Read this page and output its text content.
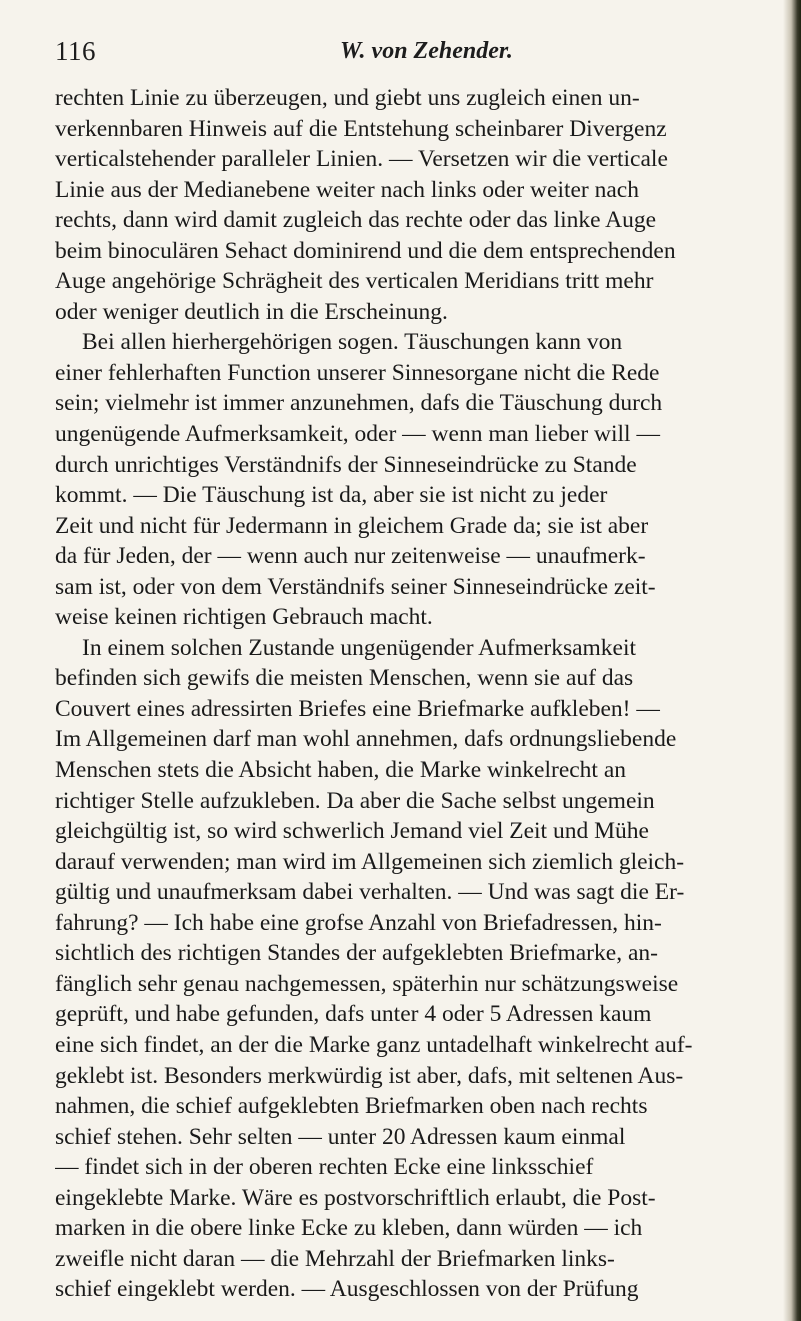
116	W. von Zehender.
rechten Linie zu überzeugen, und giebt uns zugleich einen un-
verkennbaren Hinweis auf die Entstehung scheinbarer Divergenz
verticalstehender paralleler Linien. — Versetzen wir die verticale
Linie aus der Medianebene weiter nach links oder weiter nach
rechts, dann wird damit zugleich das rechte oder das linke Auge
beim binoculären Sehact dominirend und die dem entsprechenden
Auge angehörige Schrägheit des verticalen Meridians tritt mehr
oder weniger deutlich in die Erscheinung.
Bei allen hierhergehörigen sogen. Täuschungen kann von
einer fehlerhaften Function unserer Sinnesorgane nicht die Rede
sein; vielmehr ist immer anzunehmen, dafs die Täuschung durch
ungenügende Aufmerksamkeit, oder — wenn man lieber will —
durch unrichtiges Verständnifs der Sinneseindrücke zu Stande
kommt. — Die Täuschung ist da, aber sie ist nicht zu jeder
Zeit und nicht für Jedermann in gleichem Grade da; sie ist aber
da für Jeden, der — wenn auch nur zeitenweise — unaufmerk-
sam ist, oder von dem Verständnifs seiner Sinneseindrücke zeit-
weise keinen richtigen Gebrauch macht.
In einem solchen Zustande ungenügender Aufmerksamkeit
befinden sich gewifs die meisten Menschen, wenn sie auf das
Couvert eines adressirten Briefes eine Briefmarke aufkleben! —
Im Allgemeinen darf man wohl annehmen, dafs ordnungsliebende
Menschen stets die Absicht haben, die Marke winkelrecht an
richtiger Stelle aufzukleben. Da aber die Sache selbst ungemein
gleichgültig ist, so wird schwerlich Jemand viel Zeit und Mühe
darauf verwenden; man wird im Allgemeinen sich ziemlich gleich-
gültig und unaufmerksam dabei verhalten. — Und was sagt die Er-
fahrung? — Ich habe eine grofse Anzahl von Briefadressen, hin-
sichtlich des richtigen Standes der aufgeklebten Briefmarke, an-
fänglich sehr genau nachgemessen, späterhin nur schätzungsweise
geprüft, und habe gefunden, dafs unter 4 oder 5 Adressen kaum
eine sich findet, an der die Marke ganz untadelhaft winkelrecht auf-
geklebt ist. Besonders merkwürdig ist aber, dafs, mit seltenen Aus-
nahmen, die schief aufgeklebten Briefmarken oben nach rechts
schief stehen. Sehr selten — unter 20 Adressen kaum einmal
— findet sich in der oberen rechten Ecke eine linksschief
eingeklebte Marke. Wäre es postvorschriftlich erlaubt, die Post-
marken in die obere linke Ecke zu kleben, dann würden — ich
zweifle nicht daran — die Mehrzahl der Briefmarken links-
schief eingeklebt werden. — Ausgeschlossen von der Prüfung
